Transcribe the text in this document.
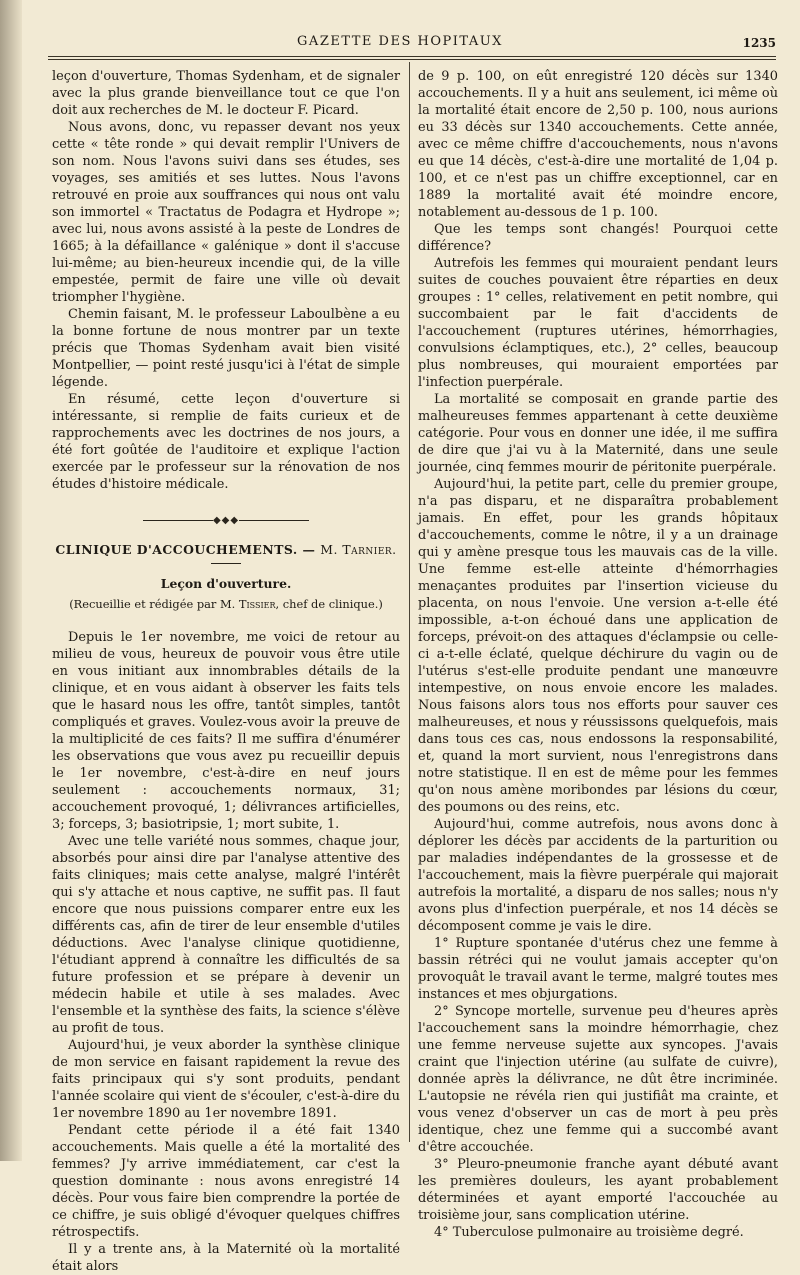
GAZETTE DES HOPITAUX	1235

leçon d'ouverture, Thomas Sydenham, et de signaler avec la plus grande bienveillance tout ce que l'on doit aux recherches de M. le docteur F. Picard.

Nous avons, donc, vu repasser devant nos yeux cette « tête ronde » qui devait remplir l'Univers de son nom. Nous l'avons suivi dans ses études, ses voyages, ses amitiés et ses luttes. Nous l'avons retrouvé en proie aux souffrances qui nous ont valu son immortel « Tractatus de Podagra et Hydrope »; avec lui, nous avons assisté à la peste de Londres de 1665; à la défaillance « galénique » dont il s'accuse lui-même; au bien-heureux incendie qui, de la ville empestée, permit de faire une ville où devait triompher l'hygiène.

Chemin faisant, M. le professeur Laboulbène a eu la bonne fortune de nous montrer par un texte précis que Thomas Sydenham avait bien visité Montpellier, — point resté jusqu'ici à l'état de simple légende.

En résumé, cette leçon d'ouverture si intéressante, si remplie de faits curieux et de rapprochements avec les doctrines de nos jours, a été fort goûtée de l'auditoire et explique l'action exercée par le professeur sur la rénovation de nos études d'histoire médicale.

◆◆◆
CLINIQUE D'ACCOUCHEMENTS. — M. Tarnier.
Leçon d'ouverture.
(Recueillie et rédigée par M. Tissier, chef de clinique.)

Depuis le 1er novembre, me voici de retour au milieu de vous, heureux de pouvoir vous être utile en vous initiant aux innombrables détails de la clinique, et en vous aidant à observer les faits tels que le hasard nous les offre, tantôt simples, tantôt compliqués et graves. Voulez-vous avoir la preuve de la multiplicité de ces faits? Il me suffira d'énumérer les observations que vous avez pu recueillir depuis le 1er novembre, c'est-à-dire en neuf jours seulement : accouchements normaux, 31; accouchement provoqué, 1; délivrances artificielles, 3; forceps, 3; basiotripsie, 1; mort subite, 1.

Avec une telle variété nous sommes, chaque jour, absorbés pour ainsi dire par l'analyse attentive des faits cliniques; mais cette analyse, malgré l'intérêt qui s'y attache et nous captive, ne suffit pas. Il faut encore que nous puissions comparer entre eux les différents cas, afin de tirer de leur ensemble d'utiles déductions. Avec l'analyse clinique quotidienne, l'étudiant apprend à connaître les difficultés de sa future profession et se prépare à devenir un médecin habile et utile à ses malades. Avec l'ensemble et la synthèse des faits, la science s'élève au profit de tous.

Aujourd'hui, je veux aborder la synthèse clinique de mon service en faisant rapidement la revue des faits principaux qui s'y sont produits, pendant l'année scolaire qui vient de s'écouler, c'est-à-dire du 1er novembre 1890 au 1er novembre 1891.

Pendant cette période il a été fait 1340 accouchements. Mais quelle a été la mortalité des femmes? J'y arrive immédiatement, car c'est la question dominante : nous avons enregistré 14 décès. Pour vous faire bien comprendre la portée de ce chiffre, je suis obligé d'évoquer quelques chiffres rétrospectifs.

Il y a trente ans, à la Maternité où la mortalité était alors

de 9 p. 100, on eût enregistré 120 décès sur 1340 accouchements. Il y a huit ans seulement, ici même où la mortalité était encore de 2,50 p. 100, nous aurions eu 33 décès sur 1340 accouchements. Cette année, avec ce même chiffre d'accouchements, nous n'avons eu que 14 décès, c'est-à-dire une mortalité de 1,04 p. 100, et ce n'est pas un chiffre exceptionnel, car en 1889 la mortalité avait été moindre encore, notablement au-dessous de 1 p. 100.

Que les temps sont changés! Pourquoi cette différence?

Autrefois les femmes qui mouraient pendant leurs suites de couches pouvaient être réparties en deux groupes : 1° celles, relativement en petit nombre, qui succombaient par le fait d'accidents de l'accouchement (ruptures utérines, hémorrhagies, convulsions éclamptiques, etc.), 2° celles, beaucoup plus nombreuses, qui mouraient emportées par l'infection puerpérale.

La mortalité se composait en grande partie des malheureuses femmes appartenant à cette deuxième catégorie. Pour vous en donner une idée, il me suffira de dire que j'ai vu à la Maternité, dans une seule journée, cinq femmes mourir de péritonite puerpérale.

Aujourd'hui, la petite part, celle du premier groupe, n'a pas disparu, et ne disparaîtra probablement jamais. En effet, pour les grands hôpitaux d'accouchements, comme le nôtre, il y a un drainage qui y amène presque tous les mauvais cas de la ville. Une femme est-elle atteinte d'hémorrhagies menaçantes produites par l'insertion vicieuse du placenta, on nous l'envoie. Une version a-t-elle été impossible, a-t-on échoué dans une application de forceps, prévoit-on des attaques d'éclampsie ou celle-ci a-t-elle éclaté, quelque déchirure du vagin ou de l'utérus s'est-elle produite pendant une manœuvre intempestive, on nous envoie encore les malades. Nous faisons alors tous nos efforts pour sauver ces malheureuses, et nous y réussissons quelquefois, mais dans tous ces cas, nous endossons la responsabilité, et, quand la mort survient, nous l'enregistrons dans notre statistique. Il en est de même pour les femmes qu'on nous amène moribondes par lésions du cœur, des poumons ou des reins, etc.

Aujourd'hui, comme autrefois, nous avons donc à déplorer les décès par accidents de la parturition ou par maladies indépendantes de la grossesse et de l'accouchement, mais la fièvre puerpérale qui majorait autrefois la mortalité, a disparu de nos salles; nous n'y avons plus d'infection puerpérale, et nos 14 décès se décomposent comme je vais le dire.

1° Rupture spontanée d'utérus chez une femme à bassin rétréci qui ne voulut jamais accepter qu'on provoquât le travail avant le terme, malgré toutes mes instances et mes objurgations.

2° Syncope mortelle, survenue peu d'heures après l'accouchement sans la moindre hémorrhagie, chez une femme nerveuse sujette aux syncopes. J'avais craint que l'injection utérine (au sulfate de cuivre), donnée après la délivrance, ne dût être incriminée. L'autopsie ne révéla rien qui justifiât ma crainte, et vous venez d'observer un cas de mort à peu près identique, chez une femme qui a succombé avant d'être accouchée.

3° Pleuro-pneumonie franche ayant débuté avant les premières douleurs, les ayant probablement déterminées et ayant emporté l'accouchée au troisième jour, sans complication utérine.

4° Tuberculose pulmonaire au troisième degré.
